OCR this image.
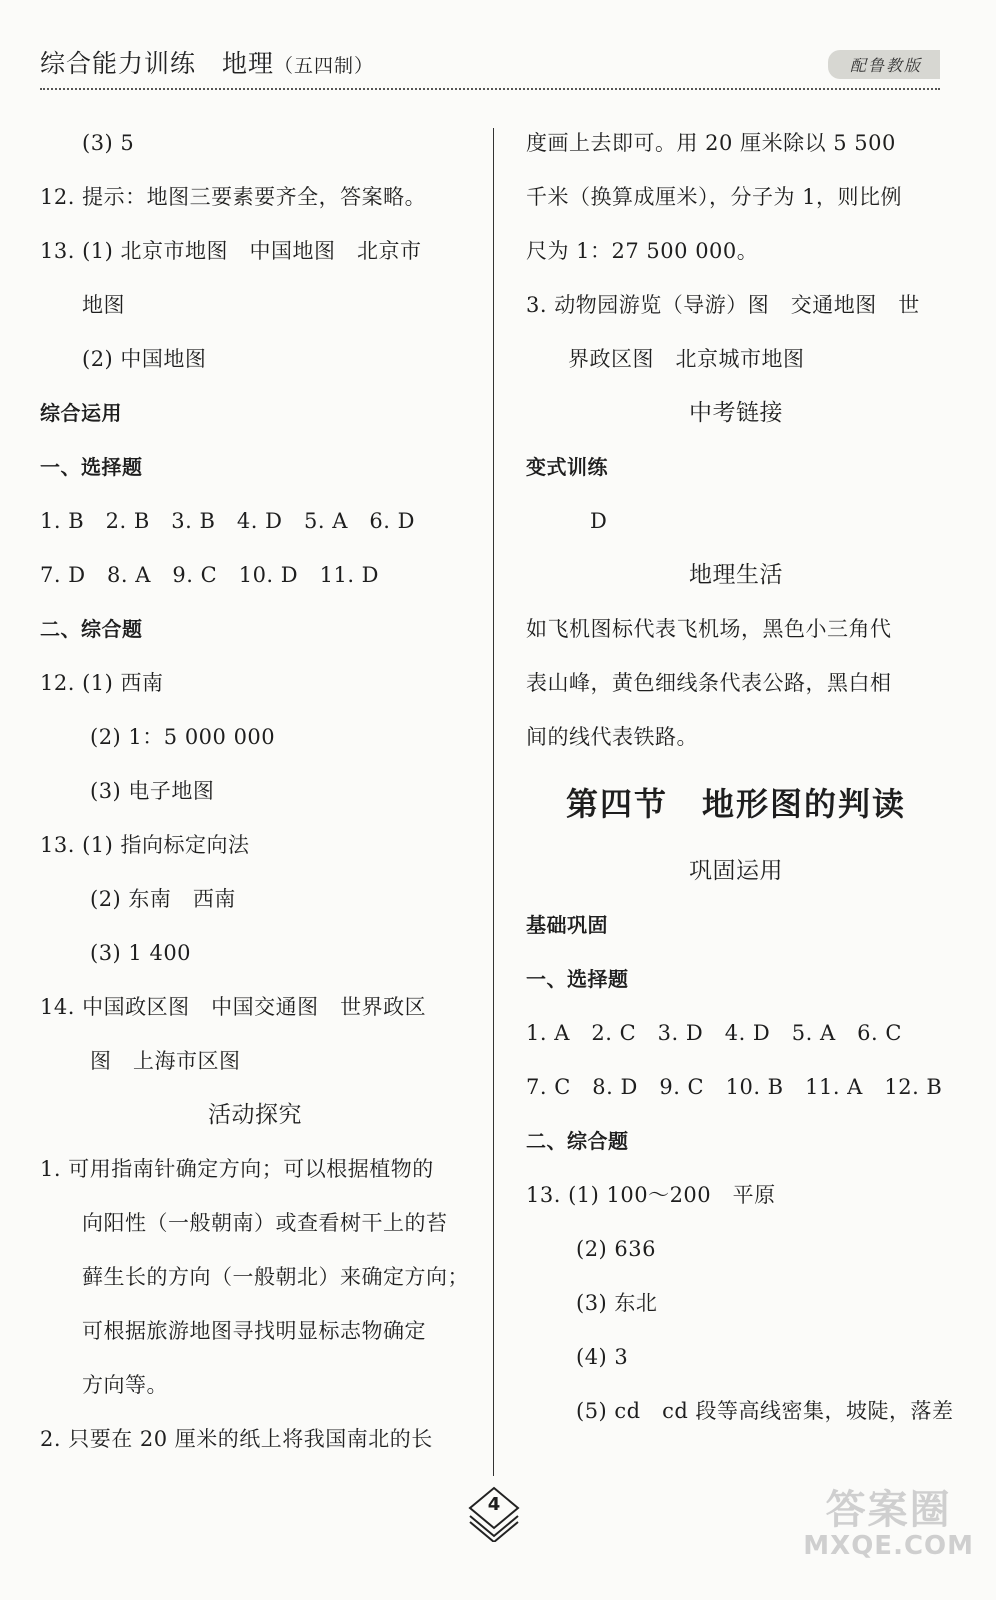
综合能力训练　地理（五四制）	配鲁教版
(3) 5
12. 提示：地图三要素要齐全，答案略。
13. (1) 北京市地图　中国地图　北京市
地图
(2) 中国地图
综合运用
一、选择题
1. B　2. B　3. B　4. D　5. A　6. D
7. D　8. A　9. C　10. D　11. D
二、综合题
12. (1) 西南
(2) 1：5 000 000
(3) 电子地图
13. (1) 指向标定向法
(2) 东南　西南
(3) 1 400
14. 中国政区图　中国交通图　世界政区
图　上海市区图
活动探究
1. 可用指南针确定方向；可以根据植物的
向阳性（一般朝南）或查看树干上的苔
藓生长的方向（一般朝北）来确定方向；
可根据旅游地图寻找明显标志物确定
方向等。
2. 只要在 20 厘米的纸上将我国南北的长
度画上去即可。用 20 厘米除以 5 500
千米（换算成厘米），分子为 1，则比例
尺为 1：27 500 000。
3. 动物园游览（导游）图　交通地图　世
界政区图　北京城市地图
中考链接
变式训练
D
地理生活
如飞机图标代表飞机场，黑色小三角代
表山峰，黄色细线条代表公路，黑白相
间的线代表铁路。
第四节　地形图的判读
巩固运用
基础巩固
一、选择题
1. A　2. C　3. D　4. D　5. A　6. C
7. C　8. D　9. C　10. B　11. A　12. B
二、综合题
13. (1) 100～200　平原
(2) 636
(3) 东北
(4) 3
(5) cd　cd 段等高线密集，坡陡，落差
4	答案圈
MXQE.COM
